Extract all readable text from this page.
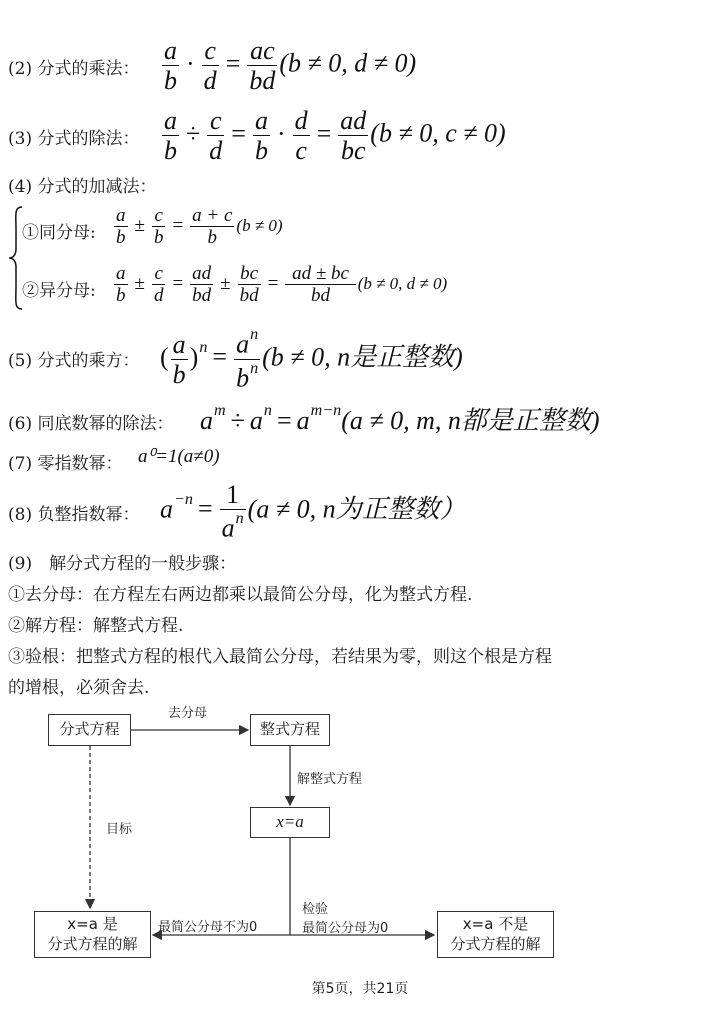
(2) 分式的乘法： $\frac{a}{b} \cdot \frac{c}{d} = \frac{ac}{bd} (b \ne 0$, d ≠ 0)
(3) 分式的除法： $\frac{a}{b} \div \frac{c}{d} = \frac{a}{b} \cdot \frac{d}{c} = \frac{ad}{bc} (b \ne 0$, c ≠ 0)
(4) 分式的加减法：
①同分母: $\frac{a}{b} \pm \frac{c}{b} = \frac{a + c}{b} (b \ne 0)$
②异分母: $\frac{a}{b} \pm \frac{c}{d} = \frac{ad}{bd} \pm \frac{bc}{bd} = \frac{ad \pm bc}{bd} (b \ne 0$, d ≠ 0)
(5) 分式的乘方： ( $\frac{a}{b} )^n = \frac{a^n}{b^n} (b \ne 0$, n是正整数)
(6) 同底数幂的除法： $a^m \div a^n = a^{m-n}(a \ne 0$, m, n都是正整数)
(7) 零指数幂： a⁰=1(a≠0)
(8) 负整指数幂： $a^{-n} = \frac{1}{a^n} (a \ne 0$, n为正整数）
(9)　解分式方程的一般步骤：
①去分母：在方程左右两边都乘以最简公分母，化为整式方程.
②解方程：解整式方程.
③验根：把整式方程的根代入最简公分母，若结果为零，则这个根是方程
的增根，必须舍去.
分式方程	整式方程
x=a
x=a 是
分式方程的解
x=a 不是
分式方程的解
去分母
解整式方程
目标
检验
最简公分母不为0	最简公分母为0
第5页，共21页
